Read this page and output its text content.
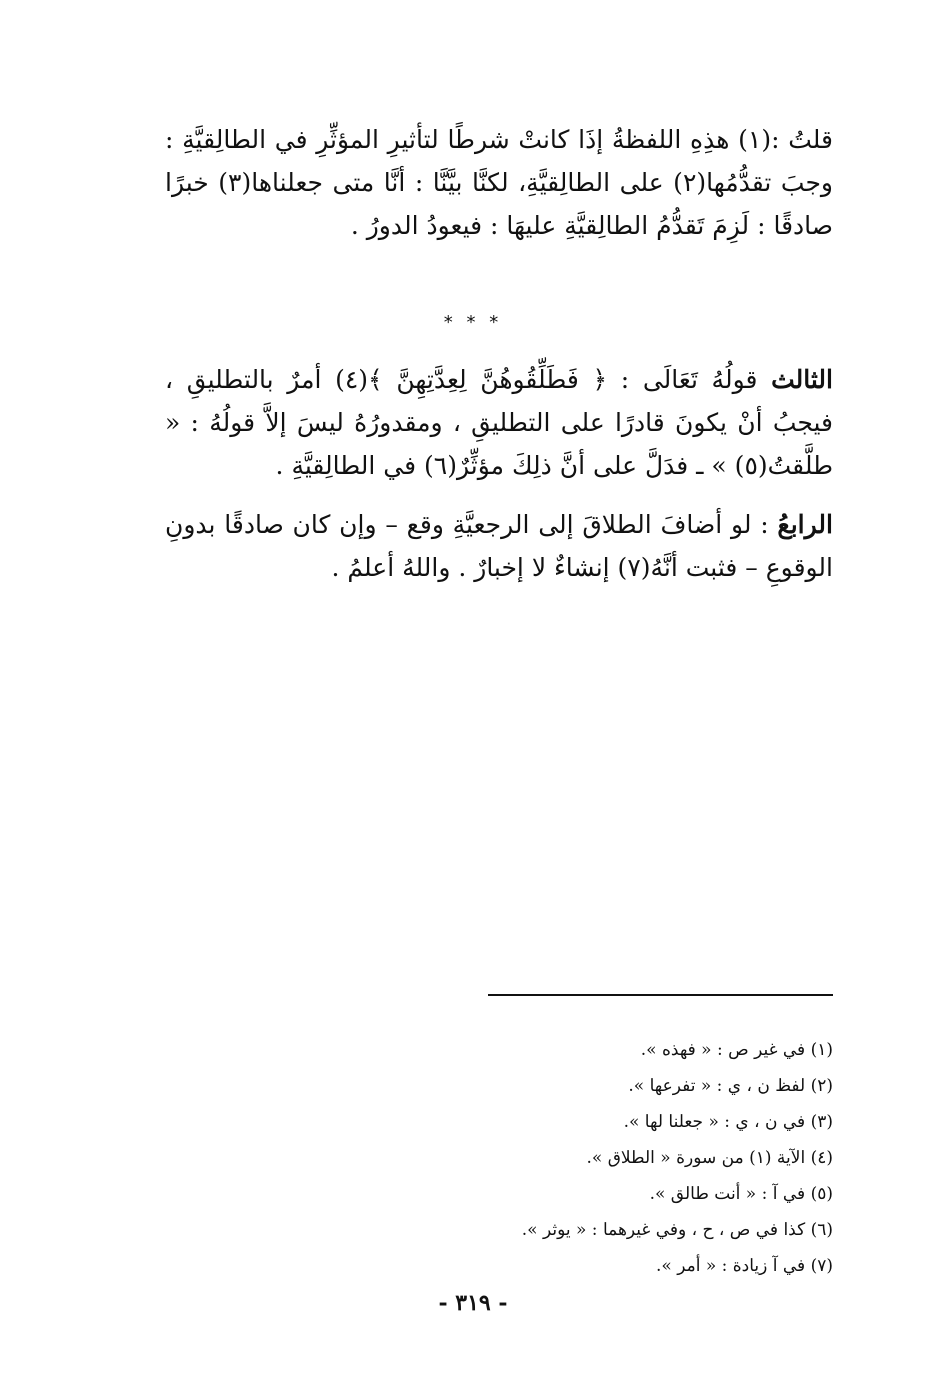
قلتُ :(١) هذِهِ اللفظةُ إذَا كانتْ شرطًا لتأثيرِ المؤثِّرِ في الطالِقيَّةِ : وجبَ تقدُّمُها(٢) على الطالِقيَّةِ، لكنَّا بيَّنَّا : أنَّا متى جعلناها(٣) خبرًا صادقًا : لَزِمَ تَقدُّمُ الطالِقيَّةِ عليهَا : فيعودُ الدورُ .

* * *

الثالث قولُهُ تَعَالَى : ﴿ فَطَلِّقُوهُنَّ لِعِدَّتِهِنَّ ﴾(٤) أمرٌ بالتطليقِ ، فيجبُ أنْ يكونَ قادرًا على التطليقِ ، ومقدورُهُ ليسَ إلاَّ قولُهُ : « طلَّقتُ(٥) » ـ فدَلَّ على أنَّ ذلِكَ مؤثِّرٌ(٦) في الطالِقيَّةِ .

الرابعُ : لو أضافَ الطلاقَ إلى الرجعيَّةِ وقع – وإن كان صادقًا بدونِ الوقوعِ – فثبت أنَّهُ(٧) إنشاءٌ لا إخبارٌ . واللهُ أعلمُ .

(١) في غير ص : « فهذه ».
(٢) لفظ ن ، ي : « تفرعها ».
(٣) في ن ، ي : « جعلنا لها ».
(٤) الآية (١) من سورة « الطلاق ».
(٥) في آ : « أنت طالق ».
(٦) كذا في ص ، ح ، وفي غيرهما : « يوثر ».
(٧) في آ زيادة : « أمر ».
- ٣١٩ -
